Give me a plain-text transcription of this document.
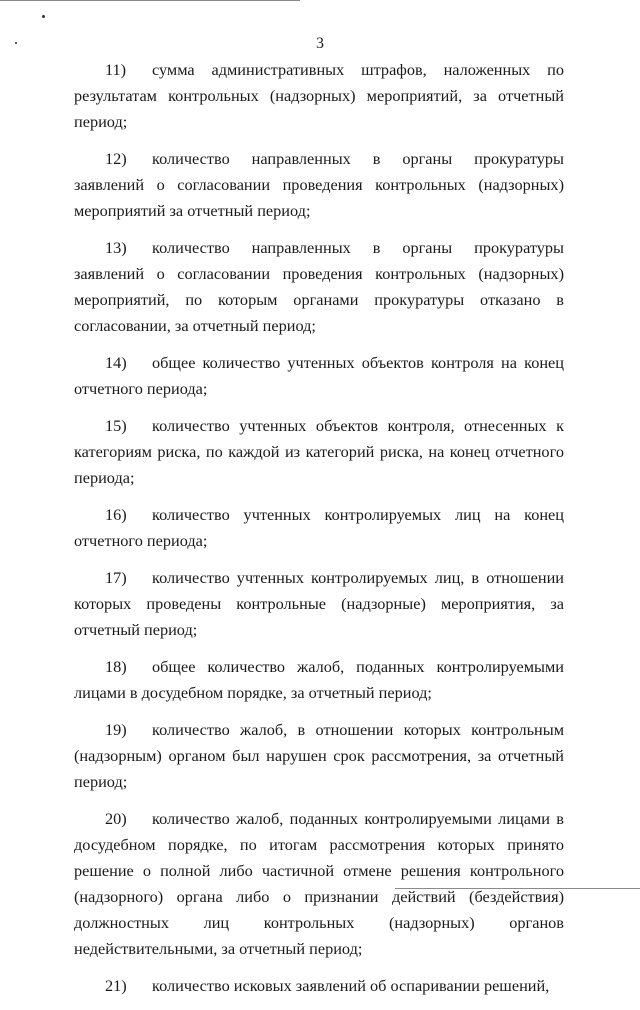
3

11) сумма административных штрафов, наложенных по результатам контрольных (надзорных) мероприятий, за отчетный период;

12) количество направленных в органы прокуратуры заявлений о согласовании проведения контрольных (надзорных) мероприятий за отчетный период;

13) количество направленных в органы прокуратуры заявлений о согласовании проведения контрольных (надзорных) мероприятий, по которым органами прокуратуры отказано в согласовании, за отчетный период;

14) общее количество учтенных объектов контроля на конец отчетного периода;

15) количество учтенных объектов контроля, отнесенных к категориям риска, по каждой из категорий риска, на конец отчетного периода;

16) количество учтенных контролируемых лиц на конец отчетного периода;

17) количество учтенных контролируемых лиц, в отношении которых проведены контрольные (надзорные) мероприятия, за отчетный период;

18) общее количество жалоб, поданных контролируемыми лицами в досудебном порядке, за отчетный период;

19) количество жалоб, в отношении которых контрольным (надзорным) органом был нарушен срок рассмотрения, за отчетный период;

20) количество жалоб, поданных контролируемыми лицами в досудебном порядке, по итогам рассмотрения которых принято решение о полной либо частичной отмене решения контрольного (надзорного) органа либо о признании действий (бездействия) должностных лиц контрольных (надзорных) органов недействительными, за отчетный период;

21) количество исковых заявлений об оспаривании решений,
